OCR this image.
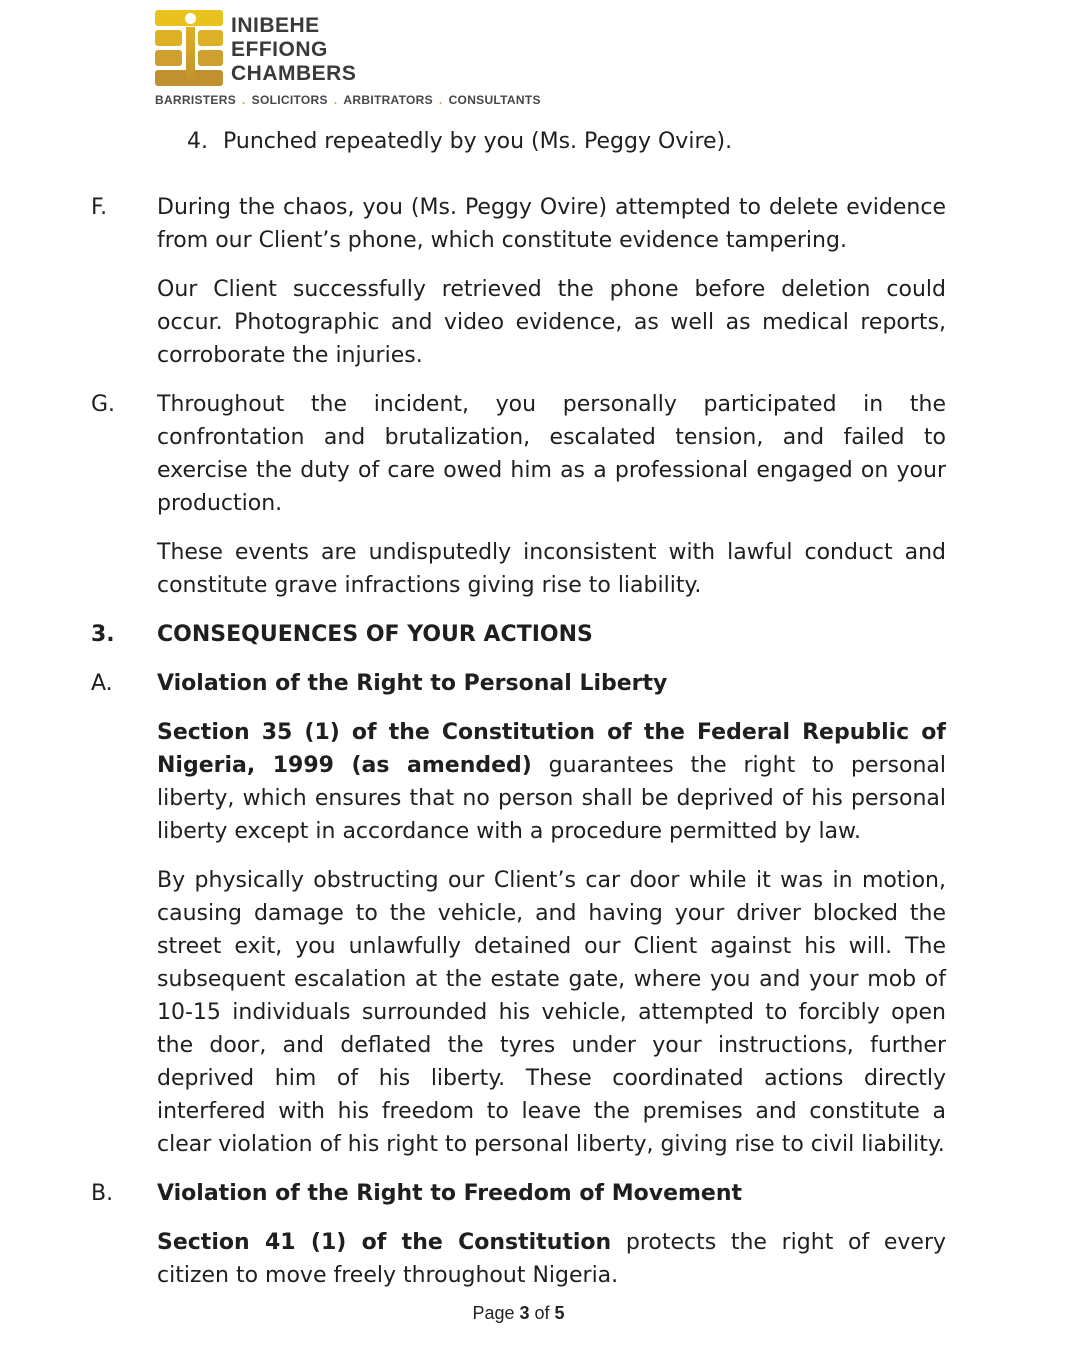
INIBEHE
EFFIONG
CHAMBERS
BARRISTERS . SOLICITORS . ARBITRATORS . CONSULTANTS
4. Punched repeatedly by you (Ms. Peggy Ovire).
F.	During the chaos, you (Ms. Peggy Ovire) attempted to delete evidence from our Client’s phone, which constitute evidence tampering.
Our Client successfully retrieved the phone before deletion could occur. Photographic and video evidence, as well as medical reports, corroborate the injuries.
G.	Throughout the incident, you personally participated in the confrontation and brutalization, escalated tension, and failed to exercise the duty of care owed him as a professional engaged on your production.
These events are undisputedly inconsistent with lawful conduct and constitute grave infractions giving rise to liability.
3.	CONSEQUENCES OF YOUR ACTIONS
A.	Violation of the Right to Personal Liberty
Section 35 (1) of the Constitution of the Federal Republic of Nigeria, 1999 (as amended) guarantees the right to personal liberty, which ensures that no person shall be deprived of his personal liberty except in accordance with a procedure permitted by law.
By physically obstructing our Client’s car door while it was in motion, causing damage to the vehicle, and having your driver blocked the street exit, you unlawfully detained our Client against his will. The subsequent escalation at the estate gate, where you and your mob of 10-15 individuals surrounded his vehicle, attempted to forcibly open the door, and deflated the tyres under your instructions, further deprived him of his liberty. These coordinated actions directly interfered with his freedom to leave the premises and constitute a clear violation of his right to personal liberty, giving rise to civil liability.
B.	Violation of the Right to Freedom of Movement
Section 41 (1) of the Constitution protects the right of every citizen to move freely throughout Nigeria.
Page 3 of 5
